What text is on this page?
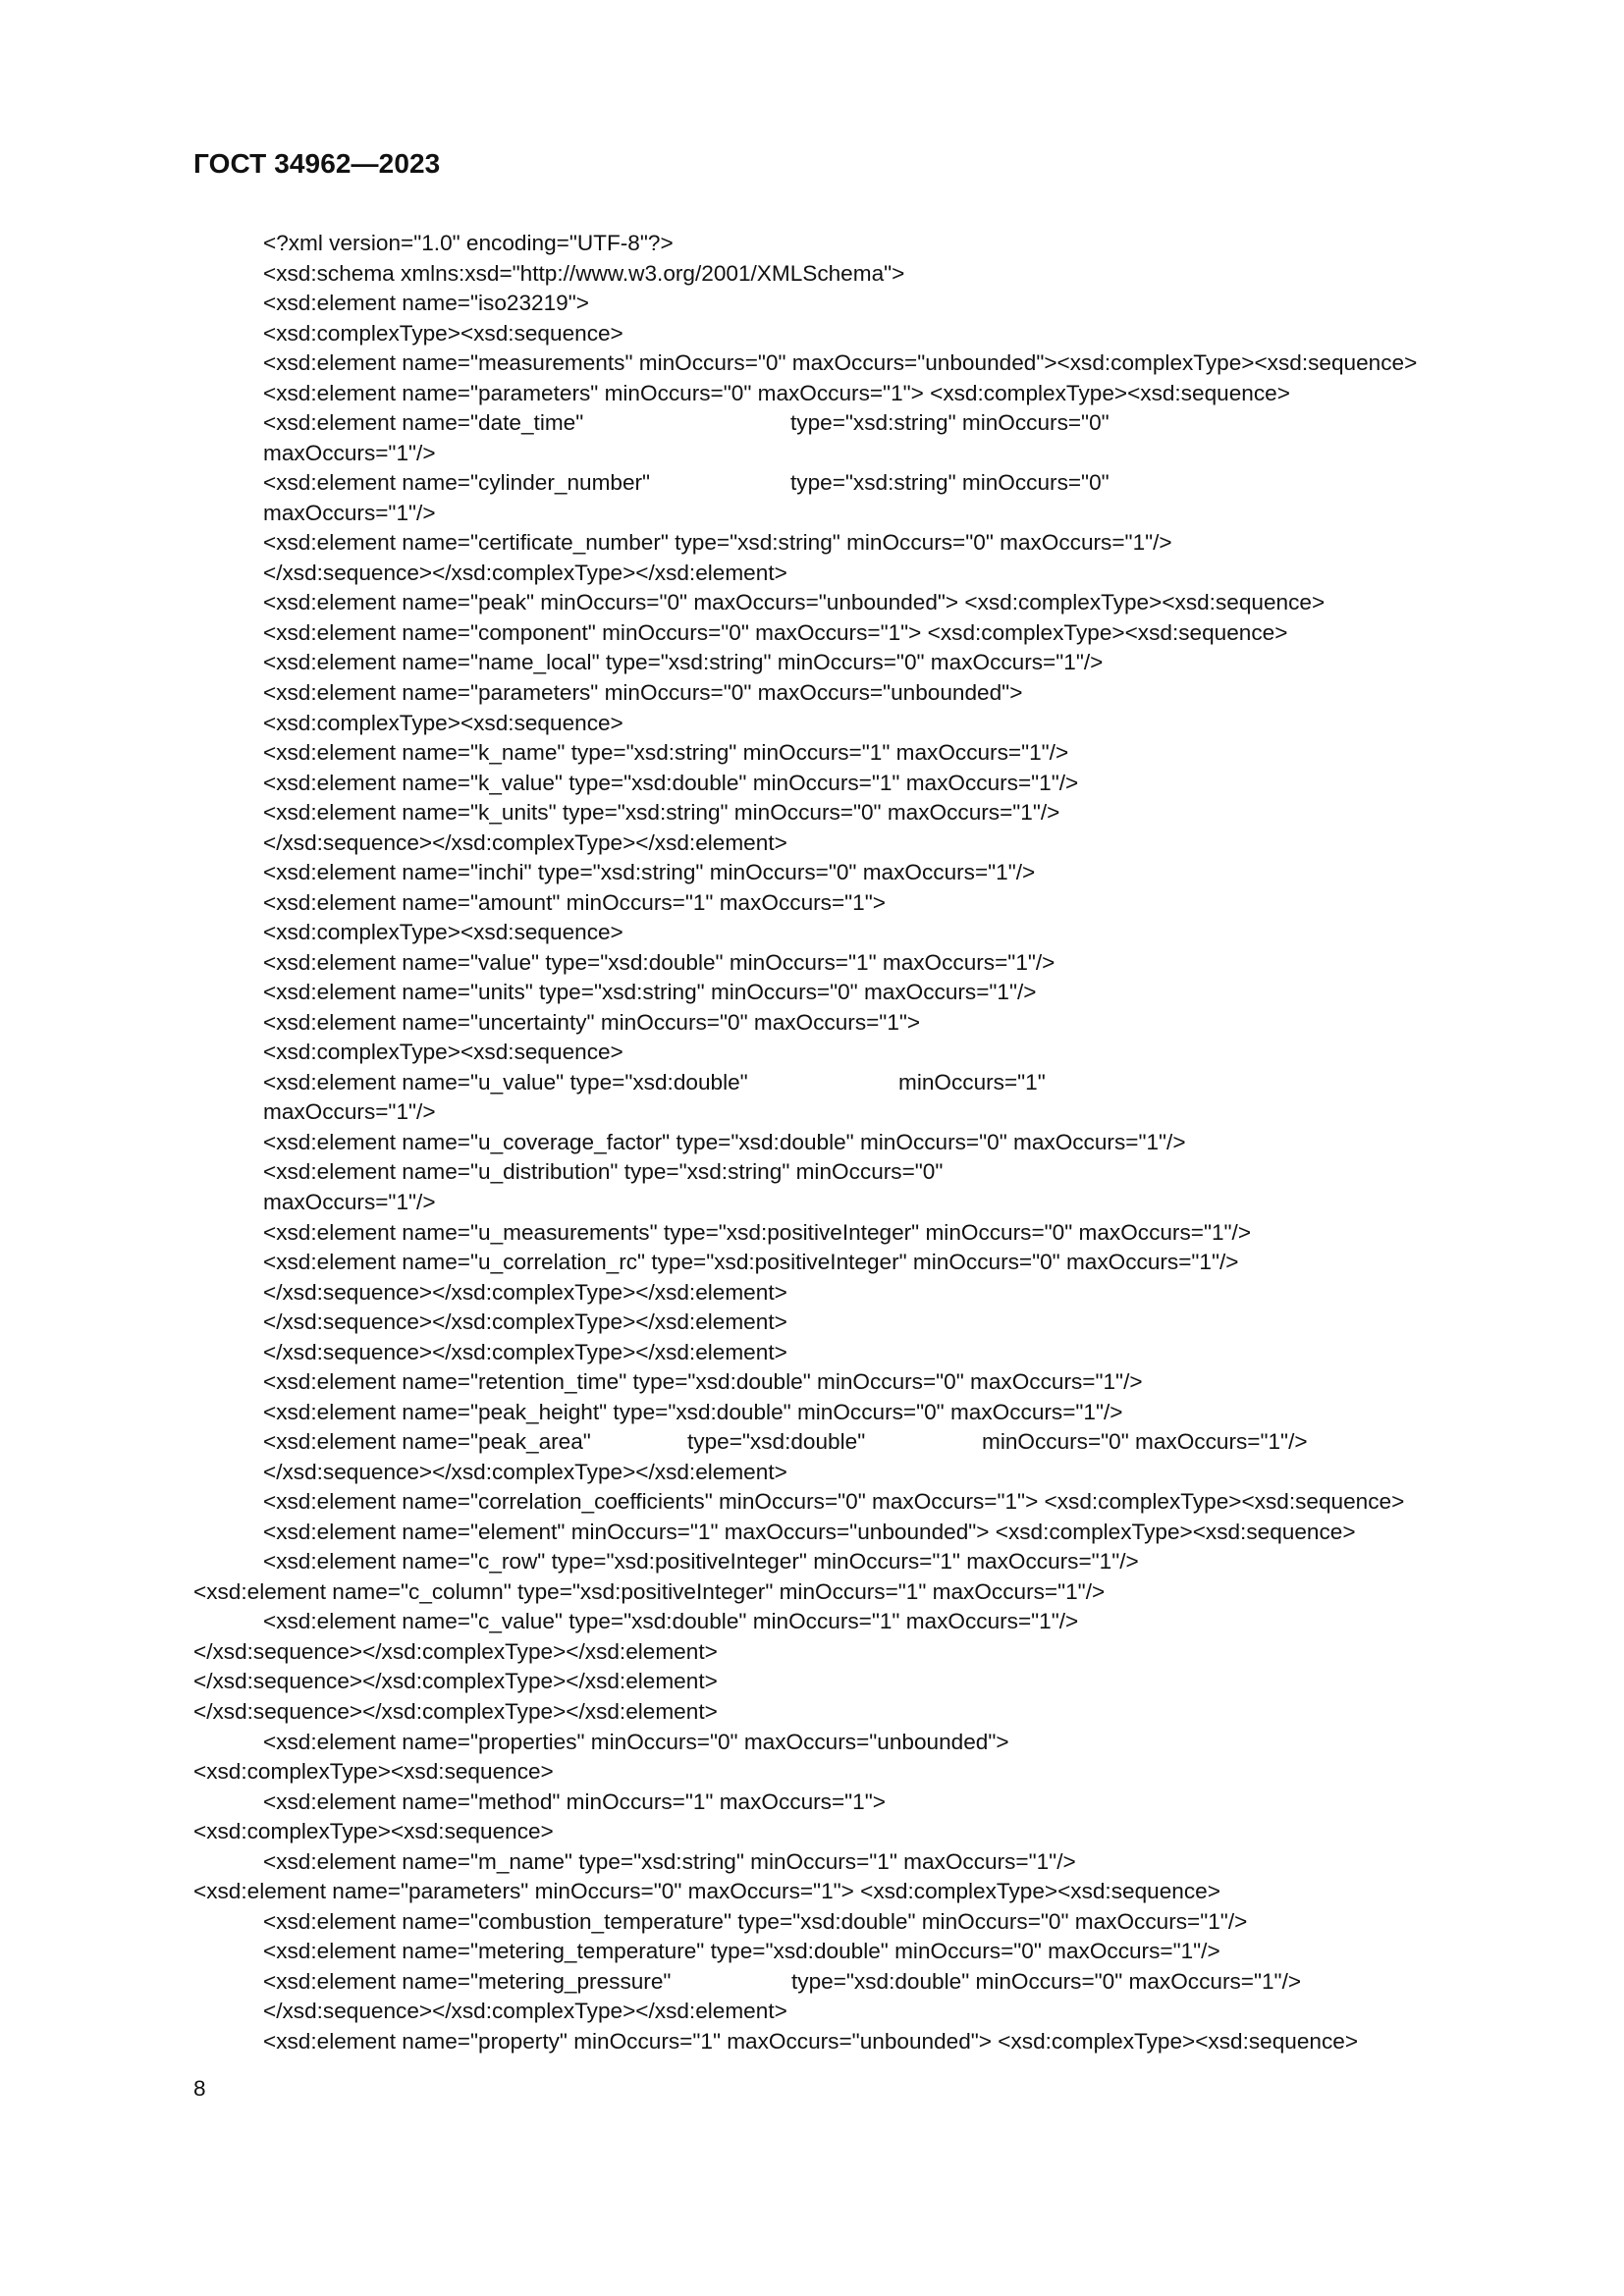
ГОСТ 34962—2023
<?xml version="1.0" encoding="UTF-8"?>
<xsd:schema xmlns:xsd="http://www.w3.org/2001/XMLSchema">
<xsd:element name="iso23219">
<xsd:complexType><xsd:sequence>
<xsd:element name="measurements" minOccurs="0" maxOccurs="unbounded"><xsd:complexType><xsd:sequence>
<xsd:element name="parameters" minOccurs="0" maxOccurs="1"> <xsd:complexType><xsd:sequence>
<xsd:element name="date_time"	type="xsd:string" minOccurs="0"
maxOccurs="1"/>
<xsd:element name="cylinder_number"	type="xsd:string" minOccurs="0"
maxOccurs="1"/>
<xsd:element name="certificate_number" type="xsd:string" minOccurs="0" maxOccurs="1"/>
</xsd:sequence></xsd:complexType></xsd:element>
<xsd:element name="peak" minOccurs="0" maxOccurs="unbounded"> <xsd:complexType><xsd:sequence>
<xsd:element name="component" minOccurs="0" maxOccurs="1"> <xsd:complexType><xsd:sequence>
<xsd:element name="name_local" type="xsd:string" minOccurs="0" maxOccurs="1"/>
<xsd:element name="parameters" minOccurs="0" maxOccurs="unbounded">
<xsd:complexType><xsd:sequence>
<xsd:element name="k_name" type="xsd:string" minOccurs="1" maxOccurs="1"/>
<xsd:element name="k_value" type="xsd:double" minOccurs="1" maxOccurs="1"/>
<xsd:element name="k_units" type="xsd:string" minOccurs="0" maxOccurs="1"/>
</xsd:sequence></xsd:complexType></xsd:element>
<xsd:element name="inchi" type="xsd:string" minOccurs="0" maxOccurs="1"/>
<xsd:element name="amount" minOccurs="1" maxOccurs="1">
<xsd:complexType><xsd:sequence>
<xsd:element name="value" type="xsd:double" minOccurs="1" maxOccurs="1"/>
<xsd:element name="units" type="xsd:string" minOccurs="0" maxOccurs="1"/>
<xsd:element name="uncertainty" minOccurs="0" maxOccurs="1">
<xsd:complexType><xsd:sequence>
<xsd:element name="u_value" type="xsd:double"	minOccurs="1"
maxOccurs="1"/>
<xsd:element name="u_coverage_factor" type="xsd:double" minOccurs="0" maxOccurs="1"/>
<xsd:element name="u_distribution" type="xsd:string" minOccurs="0"
maxOccurs="1"/>
<xsd:element name="u_measurements" type="xsd:positiveInteger" minOccurs="0" maxOccurs="1"/>
<xsd:element name="u_correlation_rc" type="xsd:positiveInteger" minOccurs="0" maxOccurs="1"/>
</xsd:sequence></xsd:complexType></xsd:element>
</xsd:sequence></xsd:complexType></xsd:element>
</xsd:sequence></xsd:complexType></xsd:element>
<xsd:element name="retention_time" type="xsd:double" minOccurs="0" maxOccurs="1"/>
<xsd:element name="peak_height" type="xsd:double" minOccurs="0" maxOccurs="1"/>
<xsd:element name="peak_area"	type="xsd:double"	minOccurs="0" maxOccurs="1"/>
</xsd:sequence></xsd:complexType></xsd:element>
<xsd:element name="correlation_coefficients" minOccurs="0" maxOccurs="1"> <xsd:complexType><xsd:sequence>
<xsd:element name="element" minOccurs="1" maxOccurs="unbounded"> <xsd:complexType><xsd:sequence>
<xsd:element name="c_row" type="xsd:positiveInteger" minOccurs="1" maxOccurs="1"/>
<xsd:element name="c_column" type="xsd:positiveInteger" minOccurs="1" maxOccurs="1"/>
<xsd:element name="c_value" type="xsd:double" minOccurs="1" maxOccurs="1"/>
</xsd:sequence></xsd:complexType></xsd:element>
</xsd:sequence></xsd:complexType></xsd:element>
</xsd:sequence></xsd:complexType></xsd:element>
<xsd:element name="properties" minOccurs="0" maxOccurs="unbounded">
<xsd:complexType><xsd:sequence>
<xsd:element name="method" minOccurs="1" maxOccurs="1">
<xsd:complexType><xsd:sequence>
<xsd:element name="m_name" type="xsd:string" minOccurs="1" maxOccurs="1"/>
<xsd:element name="parameters" minOccurs="0" maxOccurs="1"> <xsd:complexType><xsd:sequence>
<xsd:element name="combustion_temperature" type="xsd:double" minOccurs="0" maxOccurs="1"/>
<xsd:element name="metering_temperature" type="xsd:double" minOccurs="0" maxOccurs="1"/>
<xsd:element name="metering_pressure"	type="xsd:double" minOccurs="0" maxOccurs="1"/>
</xsd:sequence></xsd:complexType></xsd:element>
<xsd:element name="property" minOccurs="1" maxOccurs="unbounded"> <xsd:complexType><xsd:sequence>
8
